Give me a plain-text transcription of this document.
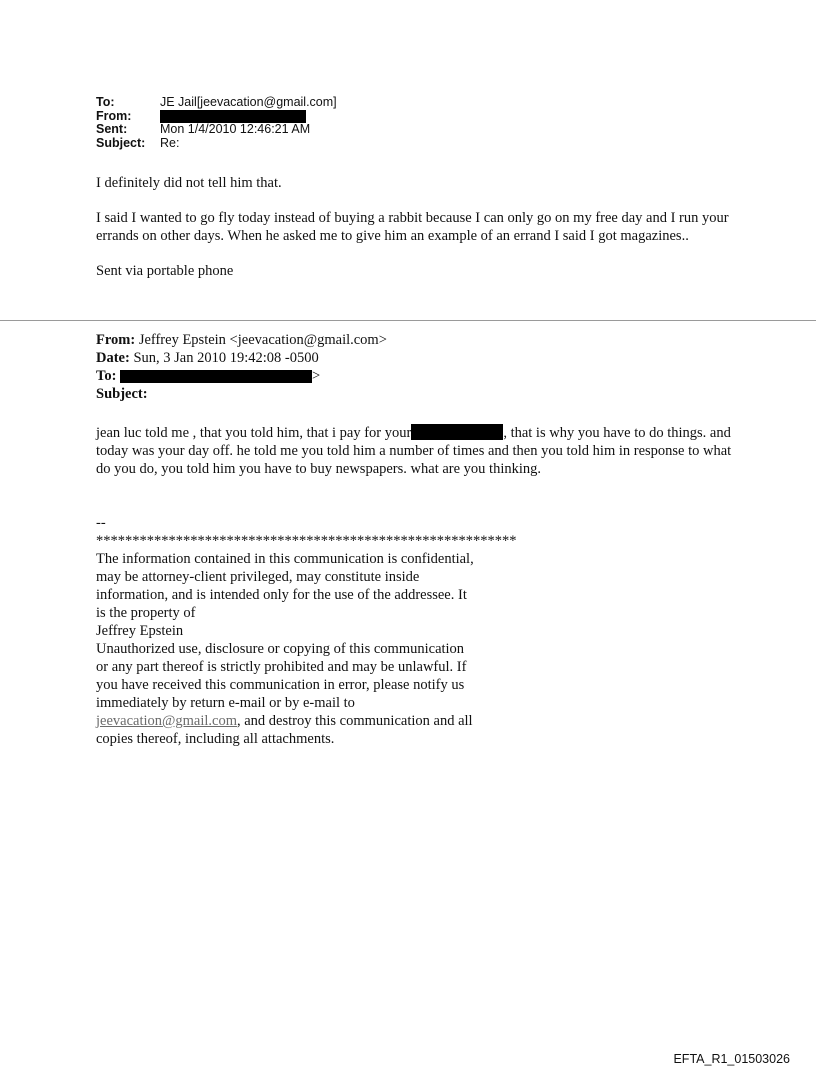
To:	JE Jail[jeevacation@gmail.com]
From:
Sent:	Mon 1/4/2010 12:46:21 AM
Subject:	Re:

I definitely did not tell him that.

I said I wanted to go fly today instead of buying a rabbit because I can only go on my free day and I run your errands on other days. When he asked me to give him an example of an errand I said I got magazines..

Sent via portable phone

From: Jeffrey Epstein <jeevacation@gmail.com>
Date: Sun, 3 Jan 2010 19:42:08 -0500
To:	>
Subject:
jean luc told me , that you told him, that i pay for your	, that is why you have to do things. and today was your day off. he told me you told him a number of times and then you told him in response to what do you do, you told him you have to buy newspapers. what are you thinking.
--
**********************************************************
The information contained in this communication is confidential, may be attorney-client privileged, may constitute inside information, and is intended only for the use of the addressee. It is the property of
Jeffrey Epstein
Unauthorized use, disclosure or copying of this communication or any part thereof is strictly prohibited and may be unlawful. If you have received this communication in error, please notify us immediately by return e-mail or by e-mail to jeevacation@gmail.com, and destroy this communication and all copies thereof, including all attachments.
EFTA_R1_01503026
